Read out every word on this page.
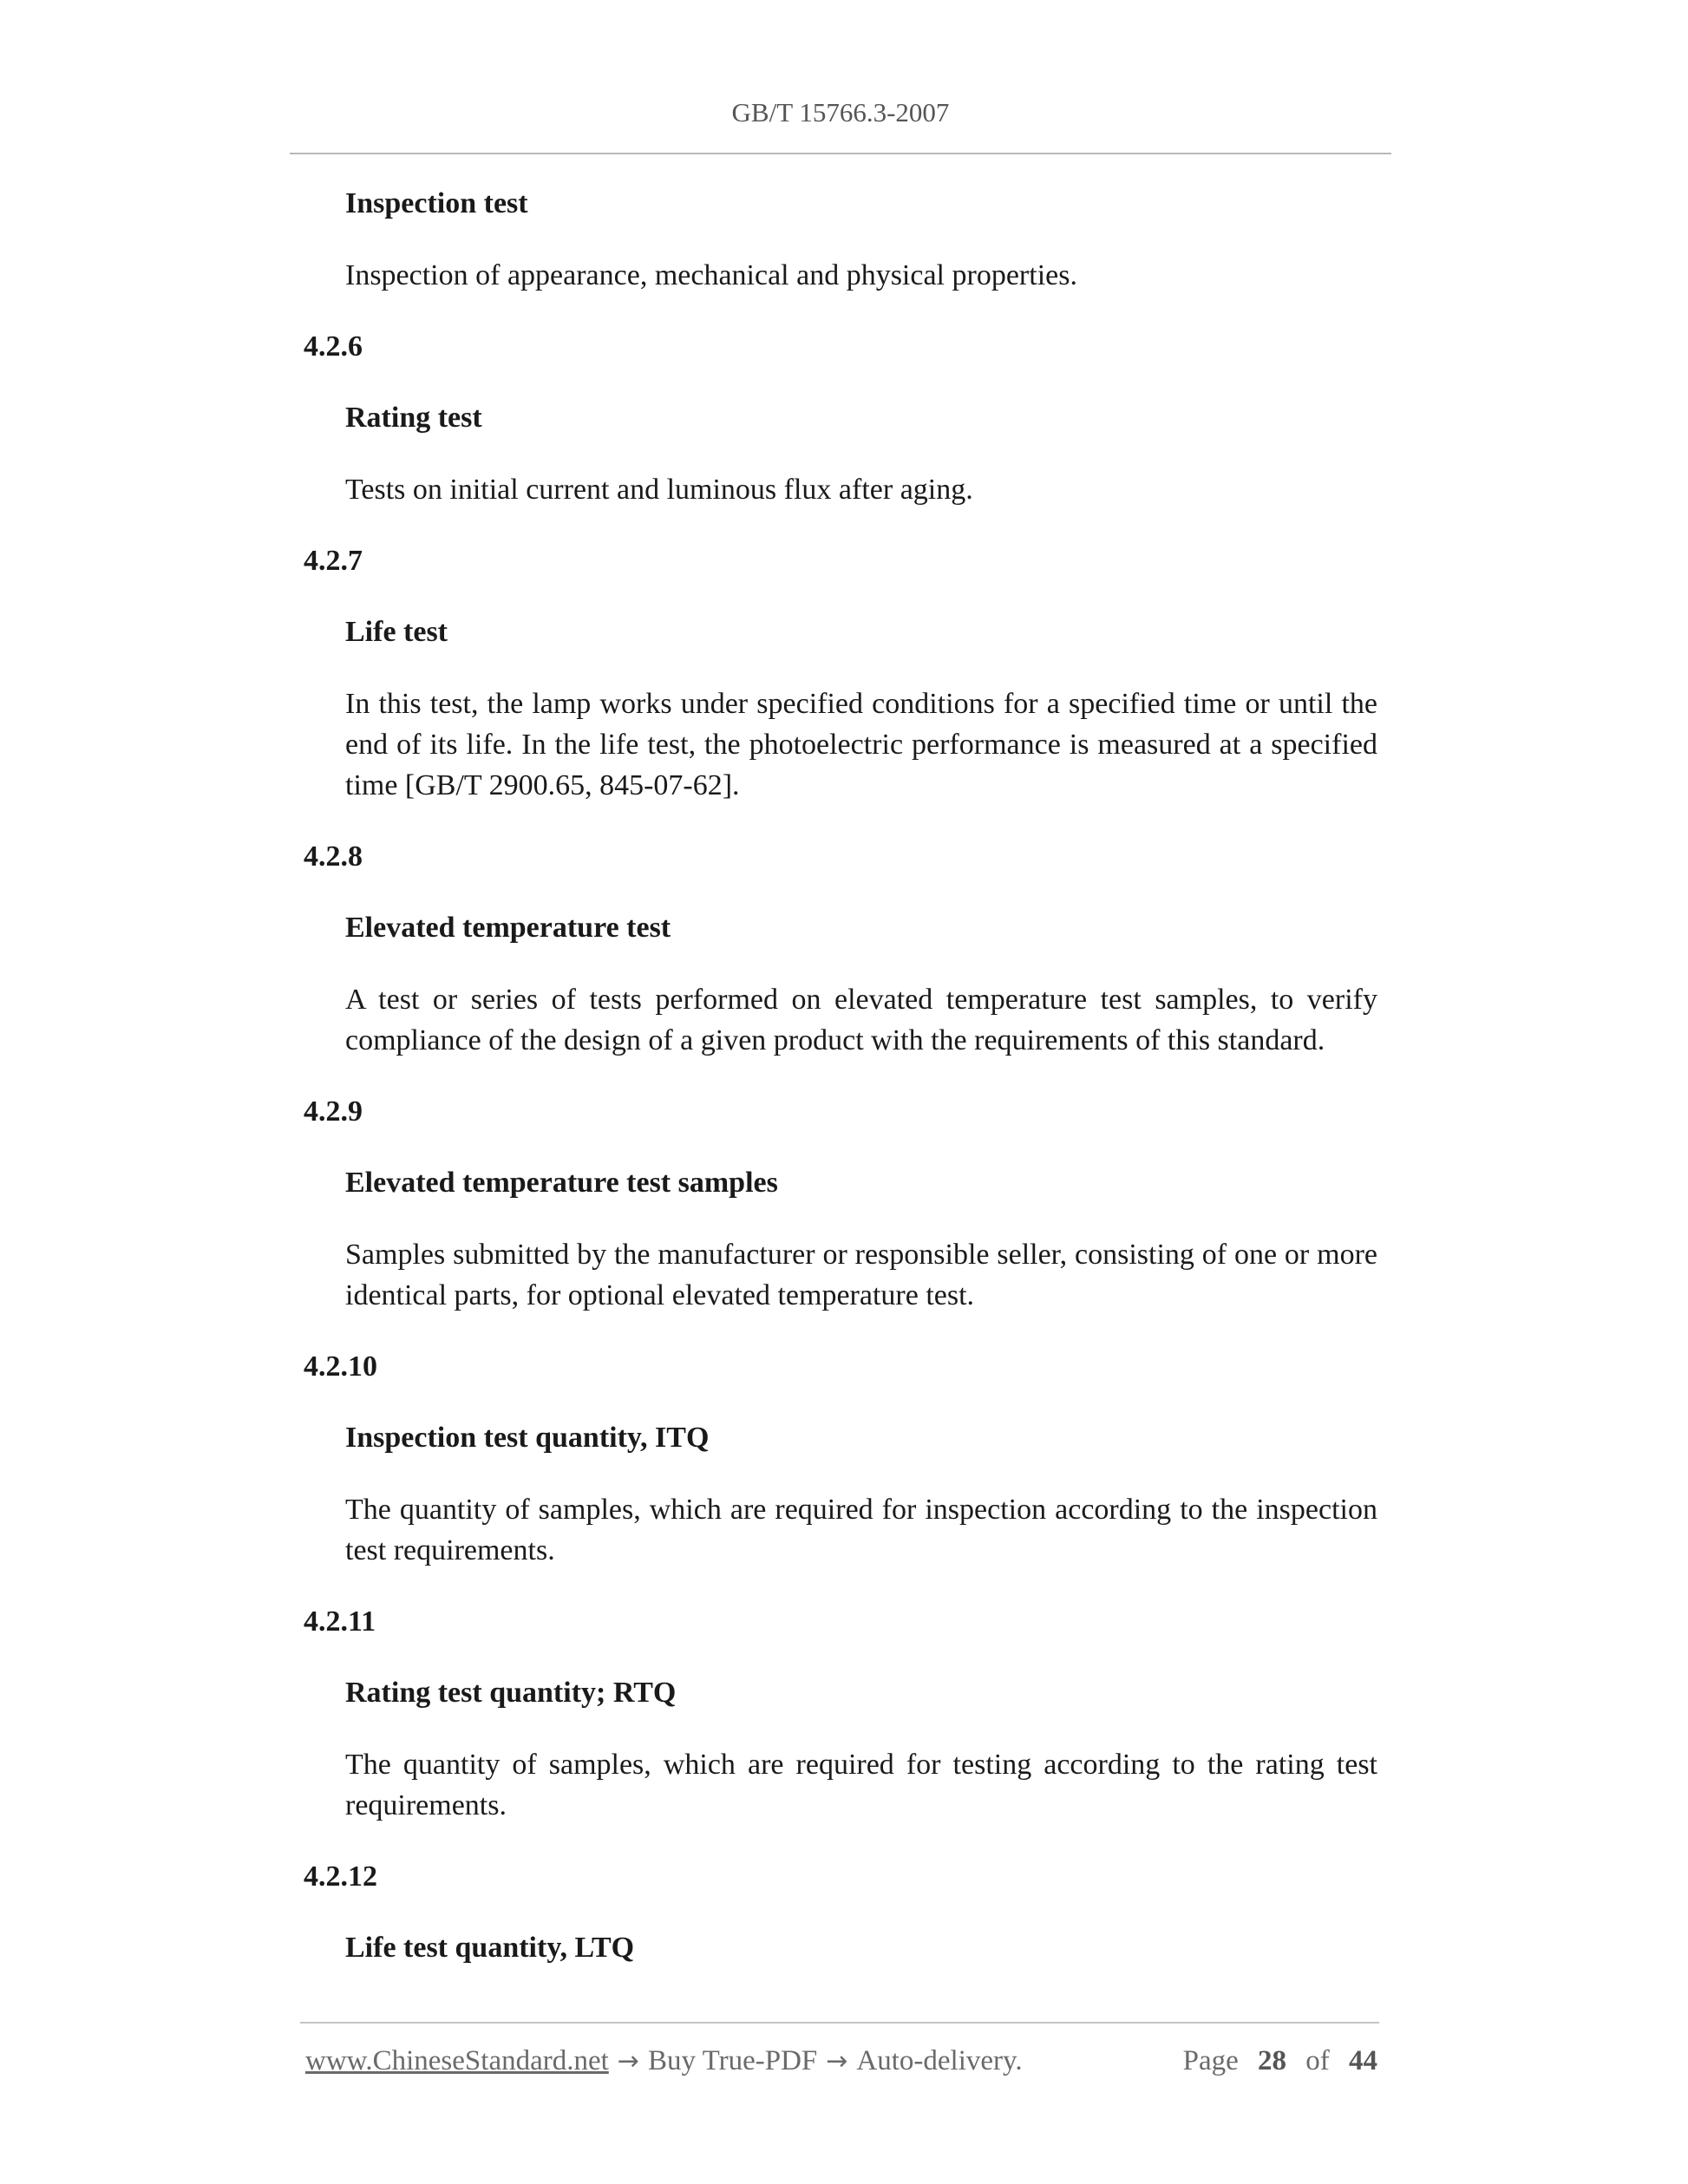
GB/T 15766.3-2007
Inspection test
Inspection of appearance, mechanical and physical properties.
4.2.6
Rating test
Tests on initial current and luminous flux after aging.
4.2.7
Life test
In this test, the lamp works under specified conditions for a specified time or until the end of its life. In the life test, the photoelectric performance is measured at a specified time [GB/T 2900.65, 845-07-62].
4.2.8
Elevated temperature test
A test or series of tests performed on elevated temperature test samples, to verify compliance of the design of a given product with the requirements of this standard.
4.2.9
Elevated temperature test samples
Samples submitted by the manufacturer or responsible seller, consisting of one or more identical parts, for optional elevated temperature test.
4.2.10
Inspection test quantity, ITQ
The quantity of samples, which are required for inspection according to the inspection test requirements.
4.2.11
Rating test quantity; RTQ
The quantity of samples, which are required for testing according to the rating test requirements.
4.2.12
Life test quantity, LTQ
www.ChineseStandard.net → Buy True-PDF → Auto-delivery.	Page 28 of 44
